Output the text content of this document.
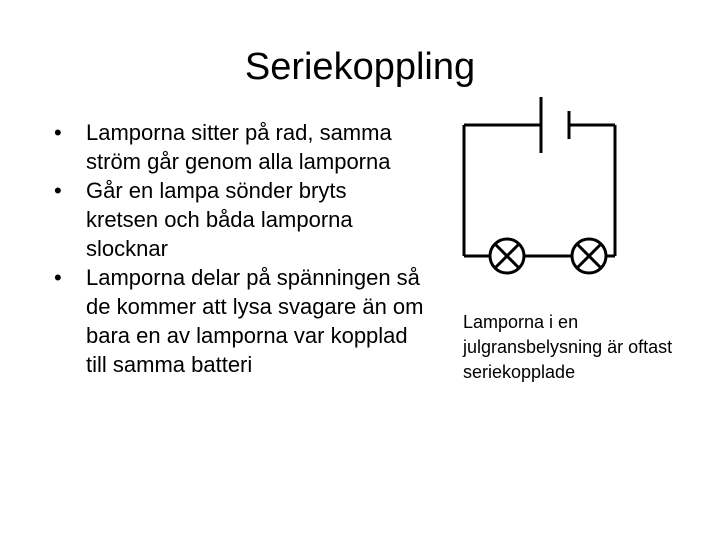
Seriekoppling
• Lamporna sitter på rad, samma ström går genom alla lamporna
• Går en lampa sönder bryts kretsen och båda lamporna slocknar
• Lamporna delar på spänningen så de kommer att lysa svagare än om bara en av lamporna var kopplad till samma batteri
Lamporna i en julgransbelysning är oftast seriekopplade
